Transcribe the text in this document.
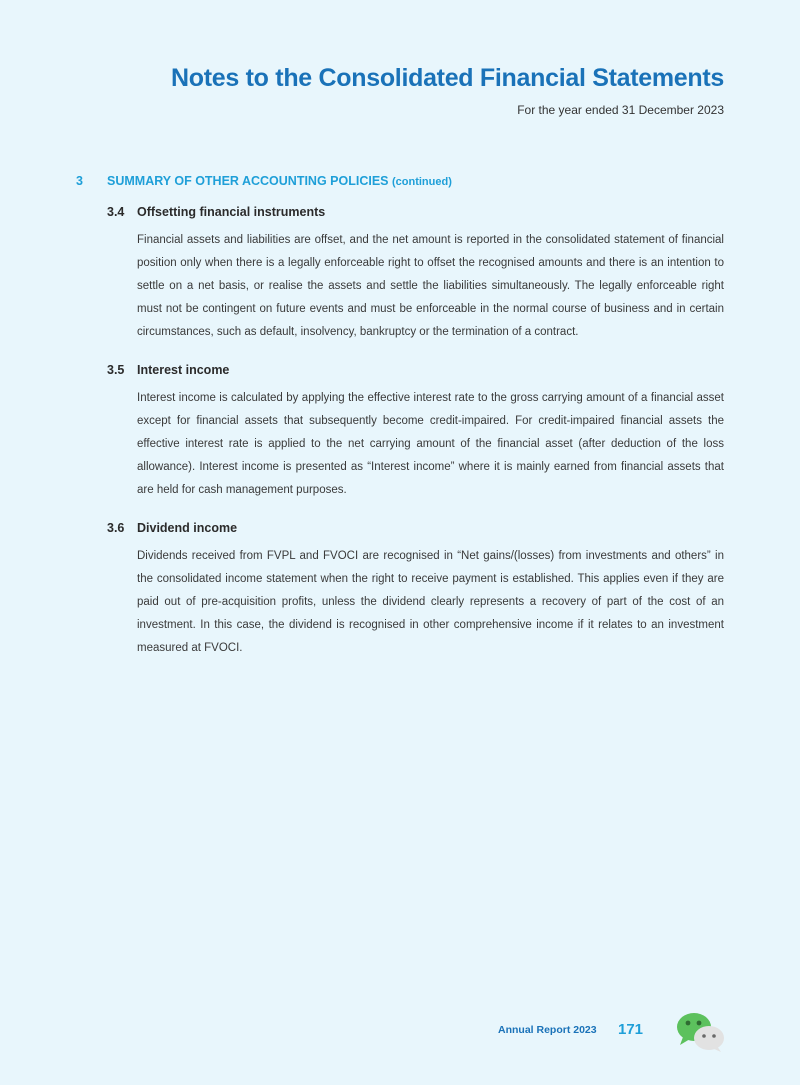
Notes to the Consolidated Financial Statements
For the year ended 31 December 2023
3 SUMMARY OF OTHER ACCOUNTING POLICIES (continued)
3.4 Offsetting financial instruments
Financial assets and liabilities are offset, and the net amount is reported in the consolidated statement of financial position only when there is a legally enforceable right to offset the recognised amounts and there is an intention to settle on a net basis, or realise the assets and settle the liabilities simultaneously. The legally enforceable right must not be contingent on future events and must be enforceable in the normal course of business and in certain circumstances, such as default, insolvency, bankruptcy or the termination of a contract.
3.5 Interest income
Interest income is calculated by applying the effective interest rate to the gross carrying amount of a financial asset except for financial assets that subsequently become credit-impaired. For credit-impaired financial assets the effective interest rate is applied to the net carrying amount of the financial asset (after deduction of the loss allowance). Interest income is presented as “Interest income” where it is mainly earned from financial assets that are held for cash management purposes.
3.6 Dividend income
Dividends received from FVPL and FVOCI are recognised in “Net gains/(losses) from investments and others” in the consolidated income statement when the right to receive payment is established. This applies even if they are paid out of pre-acquisition profits, unless the dividend clearly represents a recovery of part of the cost of an investment. In this case, the dividend is recognised in other comprehensive income if it relates to an investment measured at FVOCI.
Annual Report 2023 171
